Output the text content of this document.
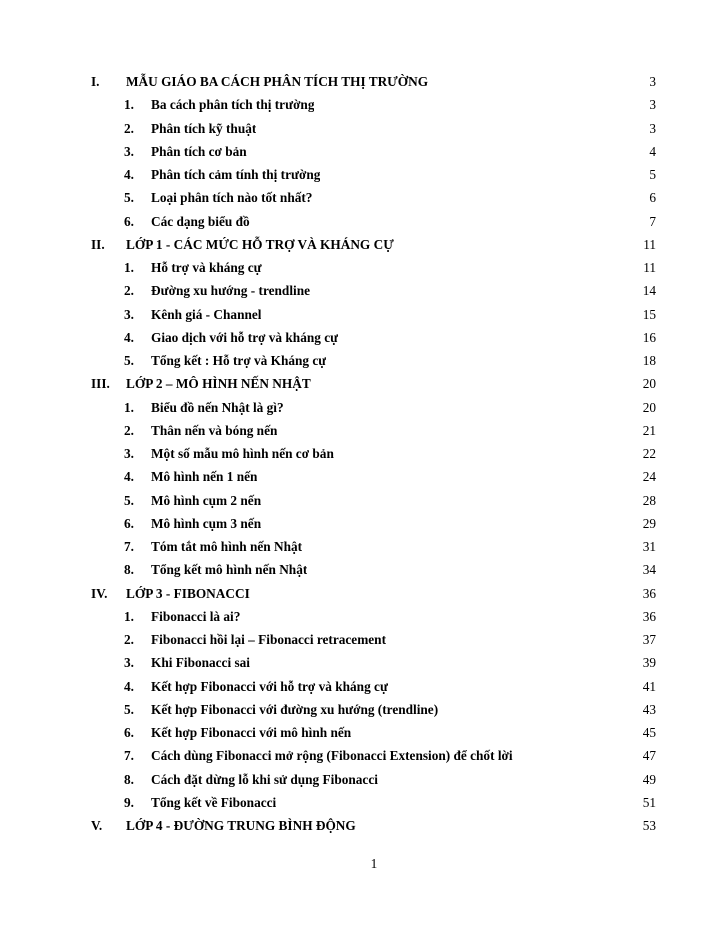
I.	MẪU GIÁO BA CÁCH PHÂN TÍCH THỊ TRƯỜNG	3
1.	Ba cách phân tích thị trường	3
2.	Phân tích kỹ thuật	3
3.	Phân tích cơ bản	4
4.	Phân tích cảm tính thị trường	5
5.	Loại phân tích nào tốt nhất?	6
6.	Các dạng biểu đồ	7
II.	LỚP 1 - CÁC MỨC HỖ TRỢ VÀ KHÁNG CỰ	11
1.	Hỗ trợ và kháng cự	11
2.	Đường xu hướng - trendline	14
3.	Kênh giá - Channel	15
4.	Giao dịch với hỗ trợ và kháng cự	16
5.	Tổng kết : Hỗ trợ và Kháng cự	18
III.	LỚP 2 – MÔ HÌNH NẾN NHẬT	20
1.	Biểu đồ nến Nhật là gì?	20
2.	Thân nến và bóng nến	21
3.	Một số mẫu mô hình nến cơ bản	22
4.	Mô hình nến 1 nến	24
5.	Mô hình cụm 2 nến	28
6.	Mô hình cụm 3 nến	29
7.	Tóm tắt mô hình nến Nhật	31
8.	Tổng kết mô hình nến Nhật	34
IV.	LỚP 3 - FIBONACCI	36
1.	Fibonacci là ai?	36
2.	Fibonacci hồi lại – Fibonacci retracement	37
3.	Khi Fibonacci sai	39
4.	Kết hợp Fibonacci với hỗ trợ và kháng cự	41
5.	Kết hợp Fibonacci với đường xu hướng (trendline)	43
6.	Kết hợp Fibonacci với mô hình nến	45
7.	Cách dùng Fibonacci mở rộng (Fibonacci Extension) để chốt lời	47
8.	Cách đặt dừng lỗ khi sử dụng Fibonacci	49
9.	Tổng kết về Fibonacci	51
V.	LỚP 4 - ĐƯỜNG TRUNG BÌNH ĐỘNG	53
1
